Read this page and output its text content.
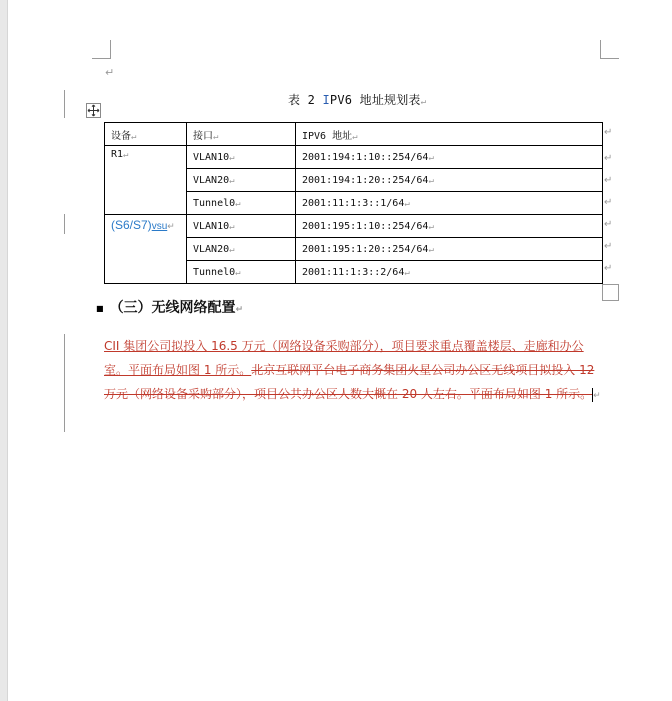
↵
表 2 IPV6 地址规划表↵
设备↵	接口↵	IPV6 地址↵
R1↵	VLAN10↵	2001:194:1:10::254/64↵
	VLAN20↵	2001:194:1:20::254/64↵
	Tunnel0↵	2001:11:1:3::1/64↵
(S6/S7)vsu↵	VLAN10↵	2001:195:1:10::254/64↵
	VLAN20↵	2001:195:1:20::254/64↵
	Tunnel0↵	2001:11:1:3::2/64↵
↵
↵
↵
↵
↵
↵
↵
■ （三）无线网络配置↵
CII 集团公司拟投入 16.5 万元（网络设备采购部分），项目要求重点覆盖楼层、走廊和办公室。平面布局如图 1 所示。北京互联网平台电子商务集团火星公司办公区无线项目拟投入 12 万元（网络设备采购部分），项目公共办公区人数大概在 20 人左右。平面布局如图 1 所示。↵
